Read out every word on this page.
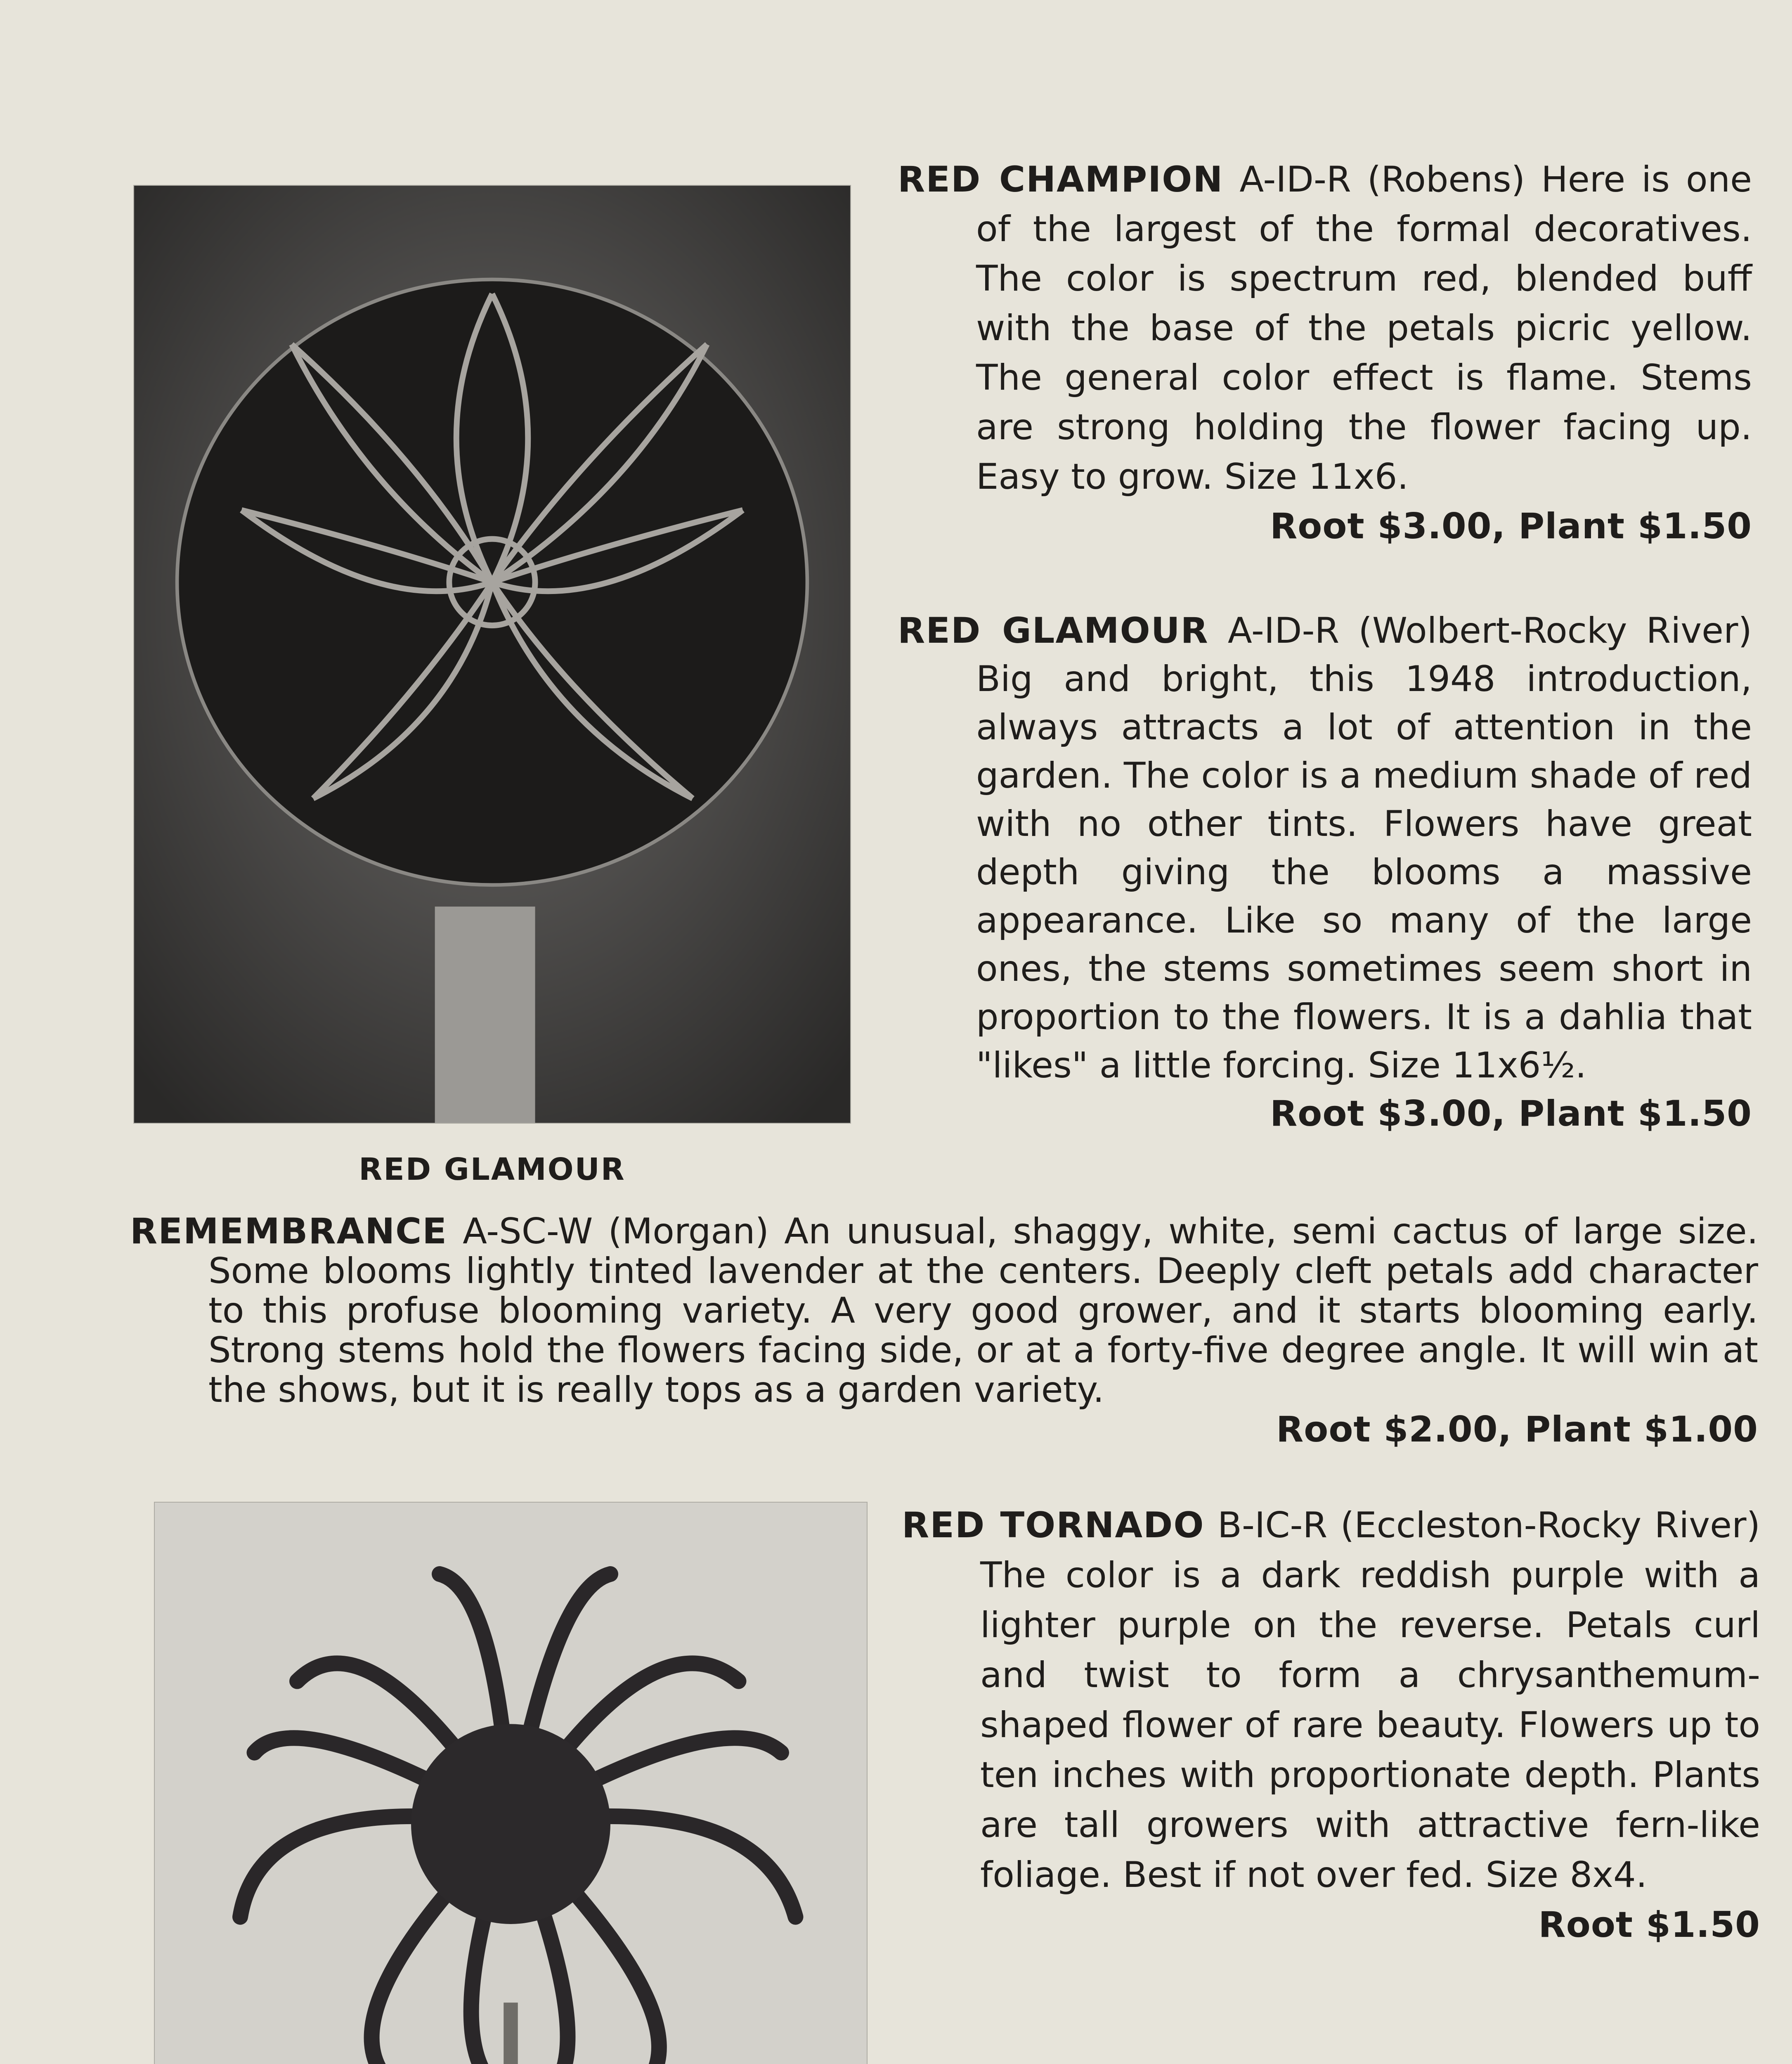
RED GLAMOUR
RED CHAMPION A-ID-R (Robens) Here is one of the largest of the formal decoratives. The color is spectrum red, blended buff with the base of the petals picric yellow. The general color effect is flame. Stems are strong holding the flower facing up. Easy to grow. Size 11x6.
Root $3.00, Plant $1.50
RED GLAMOUR A-ID-R (Wolbert-Rocky River) Big and bright, this 1948 introduction, always attracts a lot of attention in the garden. The color is a medium shade of red with no other tints. Flowers have great depth giving the blooms a massive appearance. Like so many of the large ones, the stems sometimes seem short in proportion to the flowers. It is a dahlia that "likes" a little forcing. Size 11x6½.
Root $3.00, Plant $1.50
REMEMBRANCE A-SC-W (Morgan) An unusual, shaggy, white, semi cactus of large size. Some blooms lightly tinted lavender at the centers. Deeply cleft petals add character to this profuse blooming variety. A very good grower, and it starts blooming early. Strong stems hold the flowers facing side, or at a forty-five degree angle. It will win at the shows, but it is really tops as a garden variety.
Root $2.00, Plant $1.00
RED TORNADO B-IC-R (Eccleston-Rocky River) The color is a dark reddish purple with a lighter purple on the reverse. Petals curl and twist to form a chrysanthemum-shaped flower of rare beauty. Flowers up to ten inches with proportionate depth. Plants are tall growers with attractive fern-like foliage. Best if not over fed. Size 8x4.
Root $1.50
